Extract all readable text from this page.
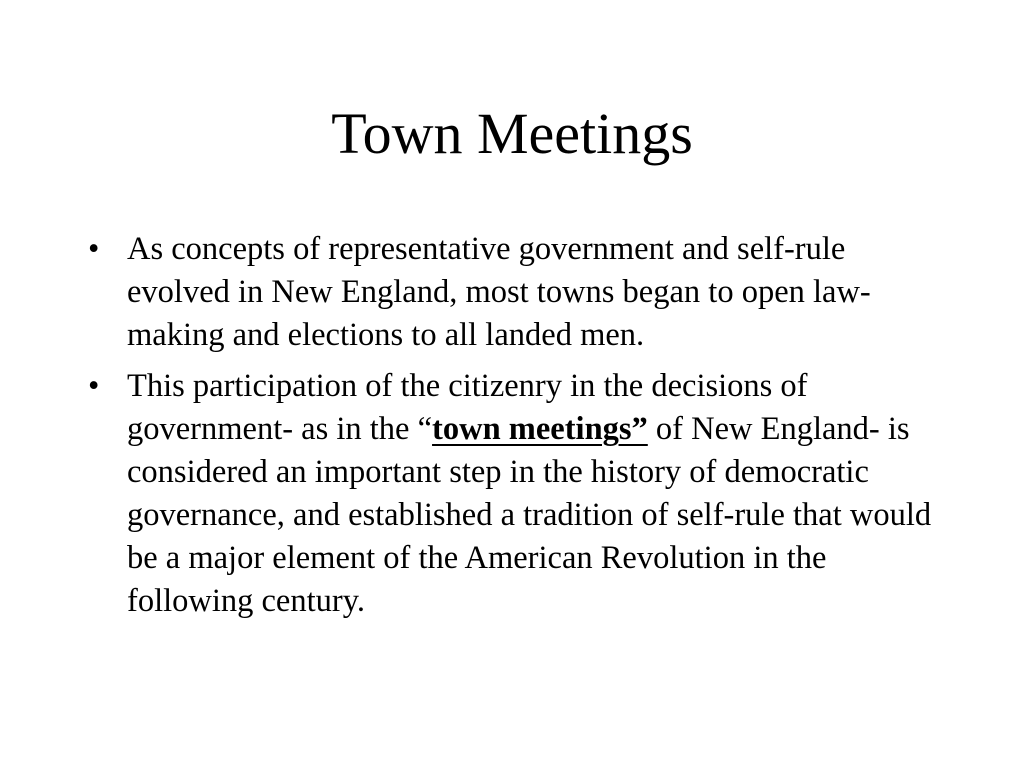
Town Meetings
• As concepts of representative government and self-rule evolved in New England, most towns began to open law-making and elections to all landed men.
• This participation of the citizenry in the decisions of government- as in the “town meetings” of New England- is considered an important step in the history of democratic governance, and established a tradition of self-rule that would be a major element of the American Revolution in the following century.
